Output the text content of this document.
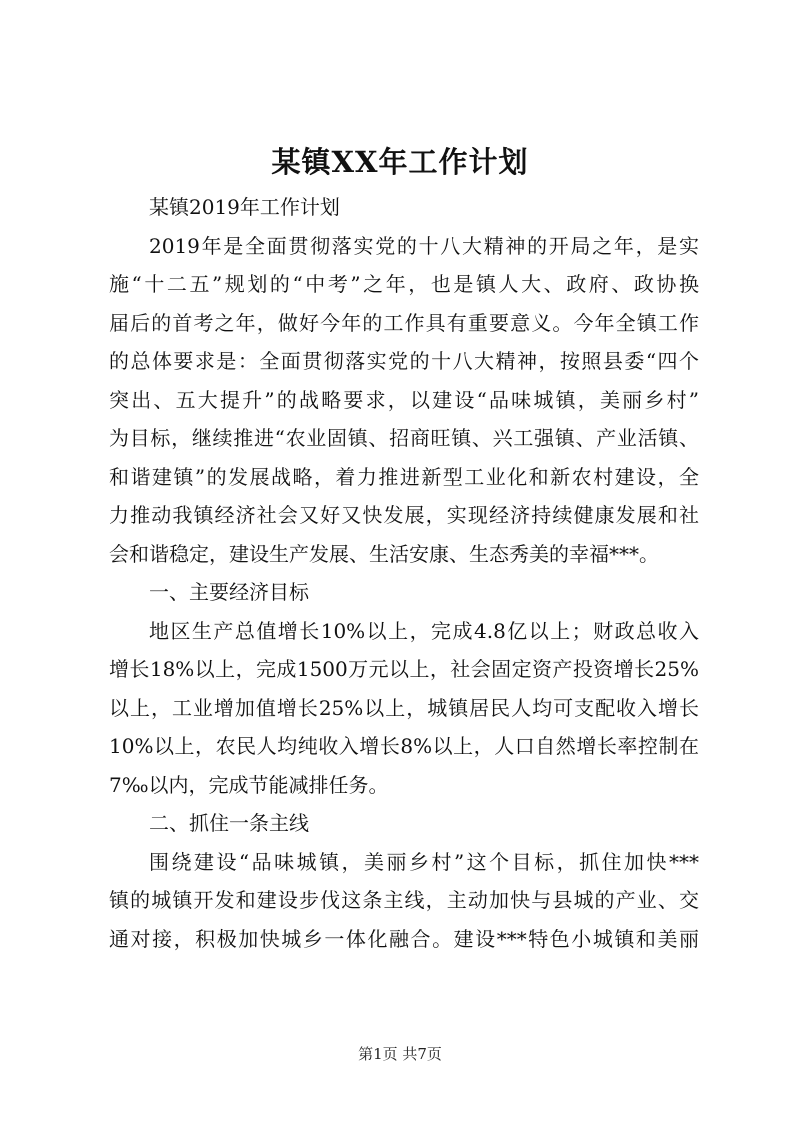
某镇XX年工作计划
某镇2019年工作计划
2019年是全面贯彻落实党的十八大精神的开局之年，是实
施“十二五”规划的“中考”之年，也是镇人大、政府、政协换
届后的首考之年，做好今年的工作具有重要意义。今年全镇工作
的总体要求是：全面贯彻落实党的十八大精神，按照县委“四个
突出、五大提升”的战略要求，以建设“品味城镇，美丽乡村”
为目标，继续推进“农业固镇、招商旺镇、兴工强镇、产业活镇、
和谐建镇”的发展战略，着力推进新型工业化和新农村建设，全
力推动我镇经济社会又好又快发展，实现经济持续健康发展和社
会和谐稳定，建设生产发展、生活安康、生态秀美的幸福***。
一、主要经济目标
地区生产总值增长10%以上，完成4.8亿以上；财政总收入
增长18%以上，完成1500万元以上，社会固定资产投资增长25%
以上，工业增加值增长25%以上，城镇居民人均可支配收入增长
10%以上，农民人均纯收入增长8%以上，人口自然增长率控制在
7‰以内，完成节能减排任务。
二、抓住一条主线
围绕建设“品味城镇，美丽乡村”这个目标，抓住加快***
镇的城镇开发和建设步伐这条主线，主动加快与县城的产业、交
通对接，积极加快城乡一体化融合。建设***特色小城镇和美丽
第1页 共7页
